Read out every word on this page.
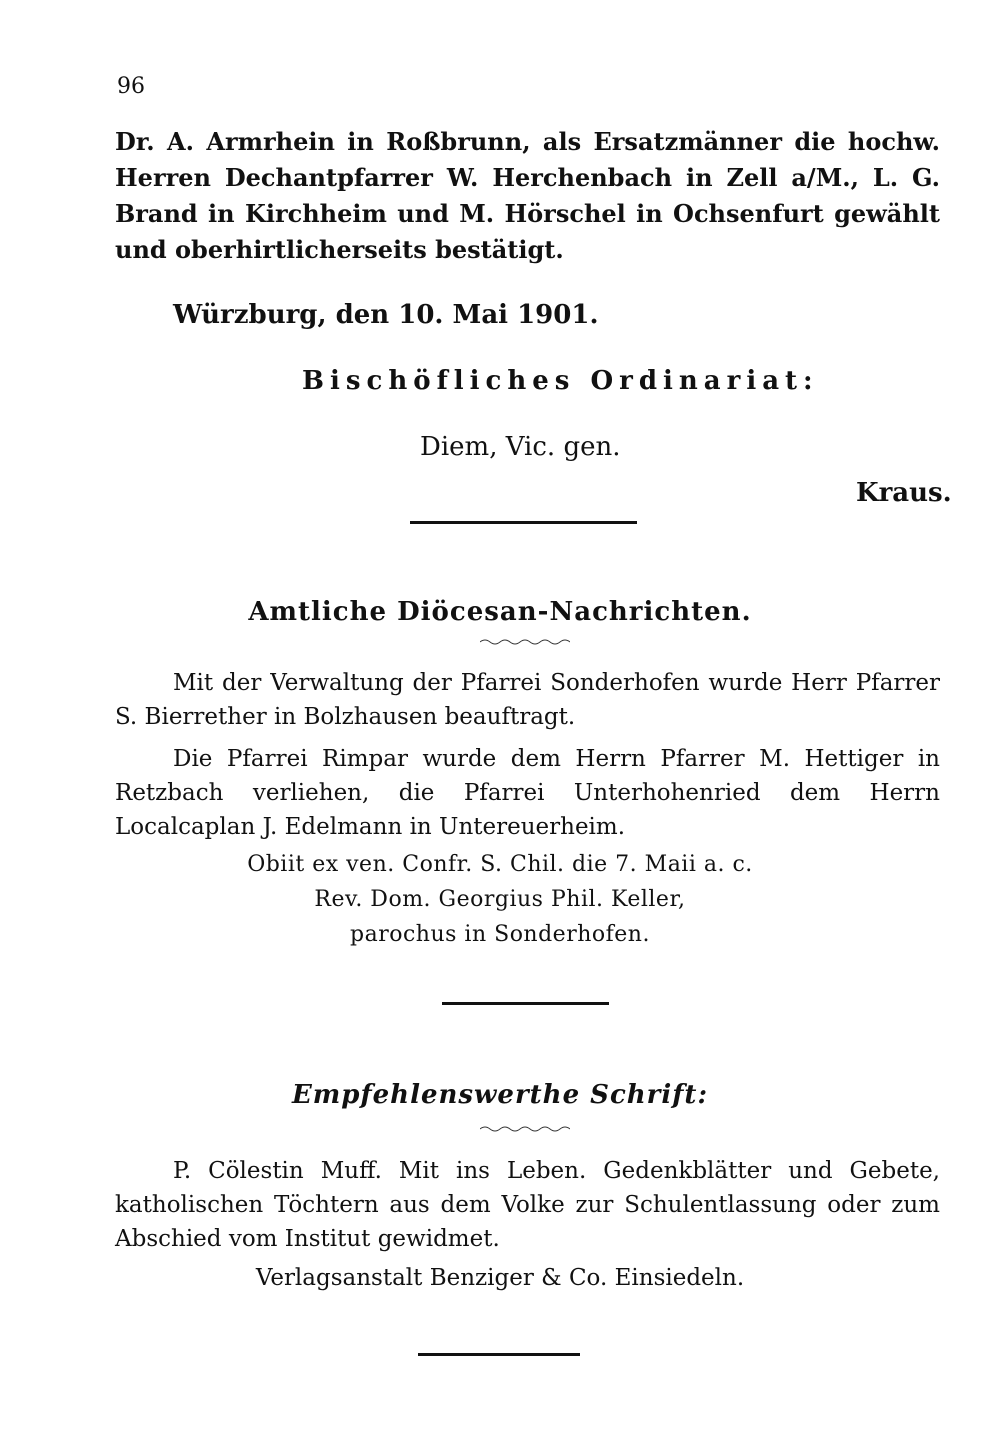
96
Dr. A. Armrhein in Roßbrunn, als Ersatzmänner die hochw. Herren Dechantpfarrer W. Herchenbach in Zell a/M., L. G. Brand in Kirchheim und M. Hörschel in Ochsenfurt gewählt und oberhirtlicherseits bestätigt.
Würzburg, den 10. Mai 1901.
Bischöfliches Ordinariat:
Diem, Vic. gen.
Kraus.
Amtliche Diöcesan-Nachrichten.
Mit der Verwaltung der Pfarrei Sonderhofen wurde Herr Pfarrer S. Bierrether in Bolzhausen beauftragt.
Die Pfarrei Rimpar wurde dem Herrn Pfarrer M. Hettiger in Retzbach verliehen, die Pfarrei Unterhohenried dem Herrn Localcaplan J. Edelmann in Untereuerheim.
Obiit ex ven. Confr. S. Chil. die 7. Maii a. c.
Rev. Dom. Georgius Phil. Keller,
parochus in Sonderhofen.
Empfehlenswerthe Schrift:
P. Cölestin Muff. Mit ins Leben. Gedenkblätter und Gebete, katholischen Töchtern aus dem Volke zur Schulentlassung oder zum Abschied vom Institut gewidmet.
Verlagsanstalt Benziger & Co. Einsiedeln.
